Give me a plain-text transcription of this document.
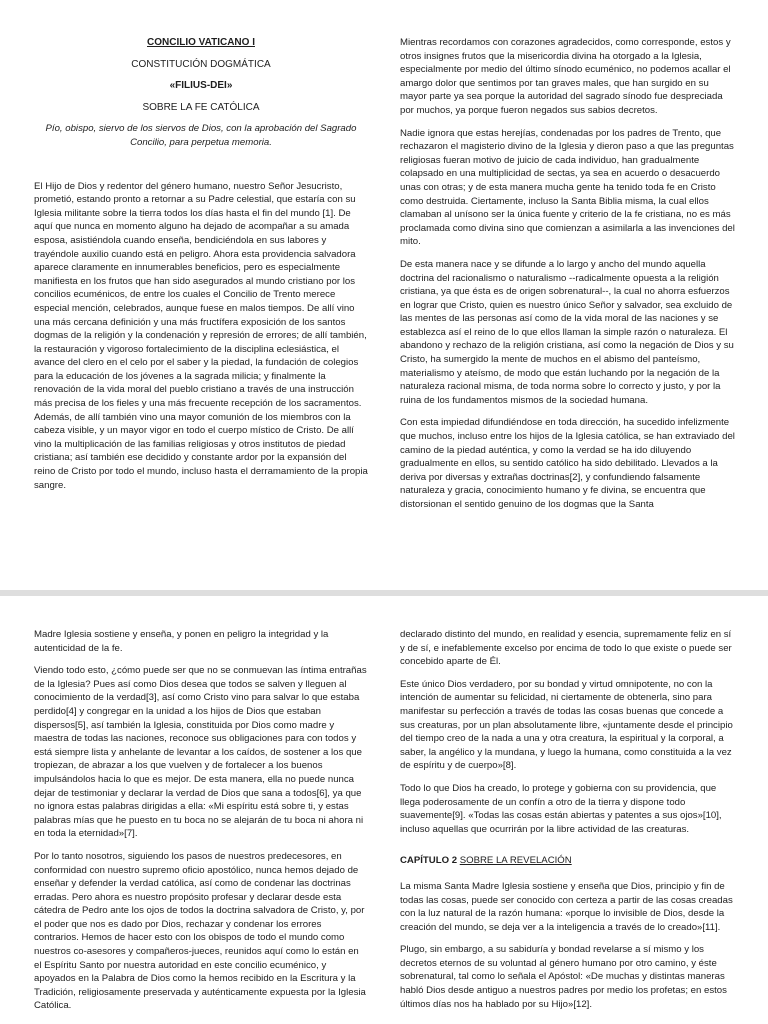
CONCILIO VATICANO I

CONSTITUCIÓN DOGMÁTICA

«FILIUS-DEI»

SOBRE LA FE CATÓLICA

Pío, obispo, siervo de los siervos de Dios, con la aprobación del Sagrado Concilio, para perpetua memoria.

El Hijo de Dios y redentor del género humano, nuestro Señor Jesucristo, prometió, estando pronto a retornar a su Padre celestial, que estaría con su Iglesia militante sobre la tierra todos los días hasta el fin del mundo [1]. De aquí que nunca en momento alguno ha dejado de acompañar a su amada esposa, asistiéndola cuando enseña, bendiciéndola en sus labores y trayéndole auxilio cuando está en peligro. Ahora esta providencia salvadora aparece claramente en innumerables beneficios, pero es especialmente manifiesta en los frutos que han sido asegurados al mundo cristiano por los concilios ecuménicos, de entre los cuales el Concilio de Trento merece especial mención, celebrados, aunque fuese en malos tiempos. De allí vino una más cercana definición y una más fructífera exposición de los santos dogmas de la religión y la condenación y represión de errores; de allí también, la restauración y vigoroso fortalecimiento de la disciplina eclesiástica, el avance del clero en el celo por el saber y la piedad, la fundación de colegios para la educación de los jóvenes a la sagrada milicia; y finalmente la renovación de la vida moral del pueblo cristiano a través de una instrucción más precisa de los fieles y una más frecuente recepción de los sacramentos. Además, de allí también vino una mayor comunión de los miembros con la cabeza visible, y un mayor vigor en todo el cuerpo místico de Cristo. De allí vino la multiplicación de las familias religiosas y otros institutos de piedad cristiana; así también ese decidido y constante ardor por la expansión del reino de Cristo por todo el mundo, incluso hasta el derramamiento de la propia sangre.

Mientras recordamos con corazones agradecidos, como corresponde, estos y otros insignes frutos que la misericordia divina ha otorgado a la Iglesia, especialmente por medio del último sínodo ecuménico, no podemos acallar el amargo dolor que sentimos por tan graves males, que han surgido en su mayor parte ya sea porque la autoridad del sagrado sínodo fue despreciada por muchos, ya porque fueron negados sus sabios decretos.

Nadie ignora que estas herejías, condenadas por los padres de Trento, que rechazaron el magisterio divino de la Iglesia y dieron paso a que las preguntas religiosas fueran motivo de juicio de cada individuo, han gradualmente colapsado en una multiplicidad de sectas, ya sea en acuerdo o desacuerdo unas con otras; y de esta manera mucha gente ha tenido toda fe en Cristo como destruida. Ciertamente, incluso la Santa Biblia misma, la cual ellos clamaban al unísono ser la única fuente y criterio de la fe cristiana, no es más proclamada como divina sino que comienzan a asimilarla a las invenciones del mito.

De esta manera nace y se difunde a lo largo y ancho del mundo aquella doctrina del racionalismo o naturalismo --radicalmente opuesta a la religión cristiana, ya que ésta es de origen sobrenatural--, la cual no ahorra esfuerzos en lograr que Cristo, quien es nuestro único Señor y salvador, sea excluido de las mentes de las personas así como de la vida moral de las naciones y se establezca así el reino de lo que ellos llaman la simple razón o naturaleza. El abandono y rechazo de la religión cristiana, así como la negación de Dios y su Cristo, ha sumergido la mente de muchos en el abismo del panteísmo, materialismo y ateísmo, de modo que están luchando por la negación de la naturaleza racional misma, de toda norma sobre lo correcto y justo, y por la ruina de los fundamentos mismos de la sociedad humana.

Con esta impiedad difundiéndose en toda dirección, ha sucedido infelizmente que muchos, incluso entre los hijos de la Iglesia católica, se han extraviado del camino de la piedad auténtica, y como la verdad se ha ido diluyendo gradualmente en ellos, su sentido católico ha sido debilitado. Llevados a la deriva por diversas y extrañas doctrinas[2], y confundiendo falsamente naturaleza y gracia, conocimiento humano y fe divina, se encuentra que distorsionan el sentido genuino de los dogmas que la Santa

Madre Iglesia sostiene y enseña, y ponen en peligro la integridad y la autenticidad de la fe.

Viendo todo esto, ¿cómo puede ser que no se conmuevan las íntima entrañas de la Iglesia? Pues así como Dios desea que todos se salven y lleguen al conocimiento de la verdad[3], así como Cristo vino para salvar lo que estaba perdido[4] y congregar en la unidad a los hijos de Dios que estaban dispersos[5], así también la Iglesia, constituida por Dios como madre y maestra de todas las naciones, reconoce sus obligaciones para con todos y está siempre lista y anhelante de levantar a los caídos, de sostener a los que tropiezan, de abrazar a los que vuelven y de fortalecer a los buenos impulsándolos hacia lo que es mejor. De esta manera, ella no puede nunca dejar de testimoniar y declarar la verdad de Dios que sana a todos[6], ya que no ignora estas palabras dirigidas a ella: «Mi espíritu está sobre ti, y estas palabras mías que he puesto en tu boca no se alejarán de tu boca ni ahora ni en toda la eternidad»[7].

Por lo tanto nosotros, siguiendo los pasos de nuestros predecesores, en conformidad con nuestro supremo oficio apostólico, nunca hemos dejado de enseñar y defender la verdad católica, así como de condenar las doctrinas erradas. Pero ahora es nuestro propósito profesar y declarar desde esta cátedra de Pedro ante los ojos de todos la doctrina salvadora de Cristo, y, por el poder que nos es dado por Dios, rechazar y condenar los errores contrarios. Hemos de hacer esto con los obispos de todo el mundo como nuestros co-asesores y compañeros-jueces, reunidos aquí como lo están en el Espíritu Santo por nuestra autoridad en este concilio ecuménico, y apoyados en la Palabra de Dios como la hemos recibido en la Escritura y la Tradición, religiosamente preservada y auténticamente expuesta por la Iglesia Católica.

declarado distinto del mundo, en realidad y esencia, supremamente feliz en sí y de sí, e inefablemente excelso por encima de todo lo que existe o puede ser concebido aparte de Él.

Este único Dios verdadero, por su bondad y virtud omnipotente, no con la intención de aumentar su felicidad, ni ciertamente de obtenerla, sino para manifestar su perfección a través de todas las cosas buenas que concede a sus creaturas, por un plan absolutamente libre, «juntamente desde el principio del tiempo creo de la nada a una y otra creatura, la espiritual y la corporal, a saber, la angélico y la mundana, y luego la humana, como constituida a la vez de espíritu y de cuerpo»[8].

Todo lo que Dios ha creado, lo protege y gobierna con su providencia, que llega poderosamente de un confín a otro de la tierra y dispone todo suavemente[9]. «Todas las cosas están abiertas y patentes a sus ojos»[10], incluso aquellas que ocurrirán por la libre actividad de las creaturas.

CAPÍTULO 2 SOBRE LA REVELACIÓN

La misma Santa Madre Iglesia sostiene y enseña que Dios, principio y fin de todas las cosas, puede ser conocido con certeza a partir de las cosas creadas con la luz natural de la razón humana: «porque lo invisible de Dios, desde la creación del mundo, se deja ver a la inteligencia a través de lo creado»[11].

Plugo, sin embargo, a su sabiduría y bondad revelarse a sí mismo y los decretos eternos de su voluntad al género humano por otro camino, y éste sobrenatural, tal como lo señala el Apóstol: «De muchas y distintas maneras habló Dios desde antiguo a nuestros padres por medio los profetas; en estos últimos días nos ha hablado por su Hijo»[12].
